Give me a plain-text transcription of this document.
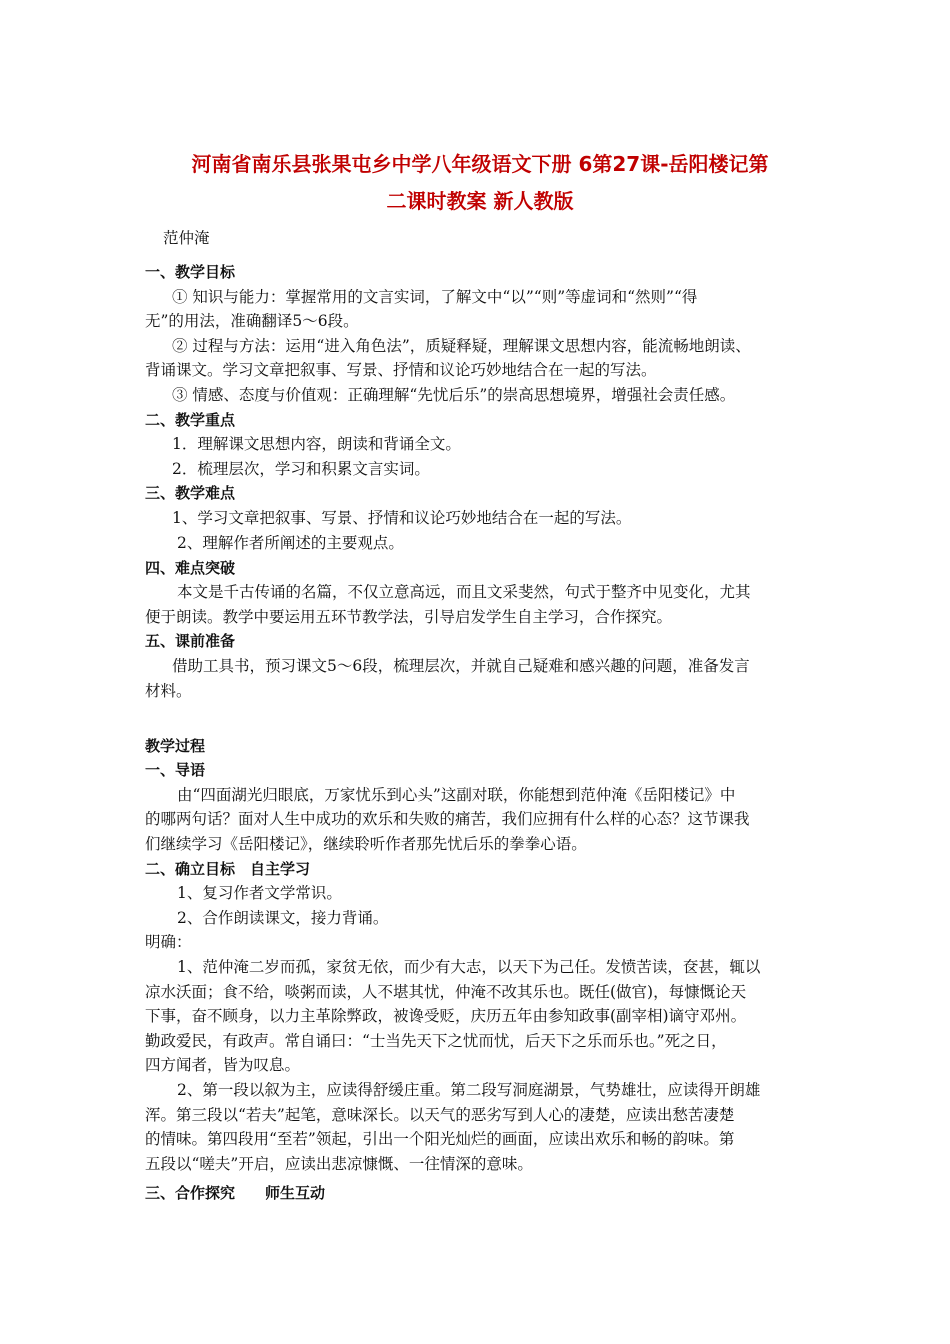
河南省南乐县张果屯乡中学八年级语文下册 6第27课-岳阳楼记第
二课时教案 新人教版
范仲淹
一、教学目标
① 知识与能力：掌握常用的文言实词，了解文中“以”“则”等虚词和“然则”“得
无”的用法，准确翻译5～6段。
② 过程与方法：运用“进入角色法”，质疑释疑，理解课文思想内容，能流畅地朗读、
背诵课文。学习文章把叙事、写景、抒情和议论巧妙地结合在一起的写法。
③ 情感、态度与价值观：正确理解“先忧后乐”的崇高思想境界，增强社会责任感。
二、教学重点
1．理解课文思想内容，朗读和背诵全文。
2．梳理层次，学习和积累文言实词。
三、教学难点
1、学习文章把叙事、写景、抒情和议论巧妙地结合在一起的写法。
2、理解作者所阐述的主要观点。
四、难点突破
本文是千古传诵的名篇，不仅立意高远，而且文采斐然，句式于整齐中见变化，尤其
便于朗读。教学中要运用五环节教学法，引导启发学生自主学习，合作探究。
五、课前准备
借助工具书，预习课文5～6段，梳理层次，并就自己疑难和感兴趣的问题，准备发言
材料。
教学过程
一、导语
由“四面湖光归眼底，万家忧乐到心头”这副对联，你能想到范仲淹《岳阳楼记》中
的哪两句话？面对人生中成功的欢乐和失败的痛苦，我们应拥有什么样的心态？这节课我
们继续学习《岳阳楼记》，继续聆听作者那先忧后乐的拳拳心语。
二、确立目标　自主学习
1、复习作者文学常识。
2、合作朗读课文，接力背诵。
明确：
1、范仲淹二岁而孤，家贫无依，而少有大志，以天下为己任。发愤苦读，奁甚，辄以
凉水沃面；食不给，啖粥而读，人不堪其忧，仲淹不改其乐也。既任(做官)，每慷慨论天
下事，奋不顾身，以力主革除弊政，被谗受贬，庆历五年由参知政事(副宰相)谪守邓州。
勤政爱民，有政声。常自诵曰：“士当先天下之忧而忧，后天下之乐而乐也。”死之日，
四方闻者，皆为叹息。
2、第一段以叙为主，应读得舒缓庄重。第二段写洞庭湖景，气势雄壮，应读得开朗雄
浑。第三段以“若夫”起笔，意味深长。以天气的恶劣写到人心的凄楚，应读出愁苦凄楚
的情味。第四段用“至若”领起，引出一个阳光灿烂的画面，应读出欢乐和畅的韵味。第
五段以“嗟夫”开启，应读出悲凉慷慨、一往情深的意味。
三、合作探究　　师生互动
